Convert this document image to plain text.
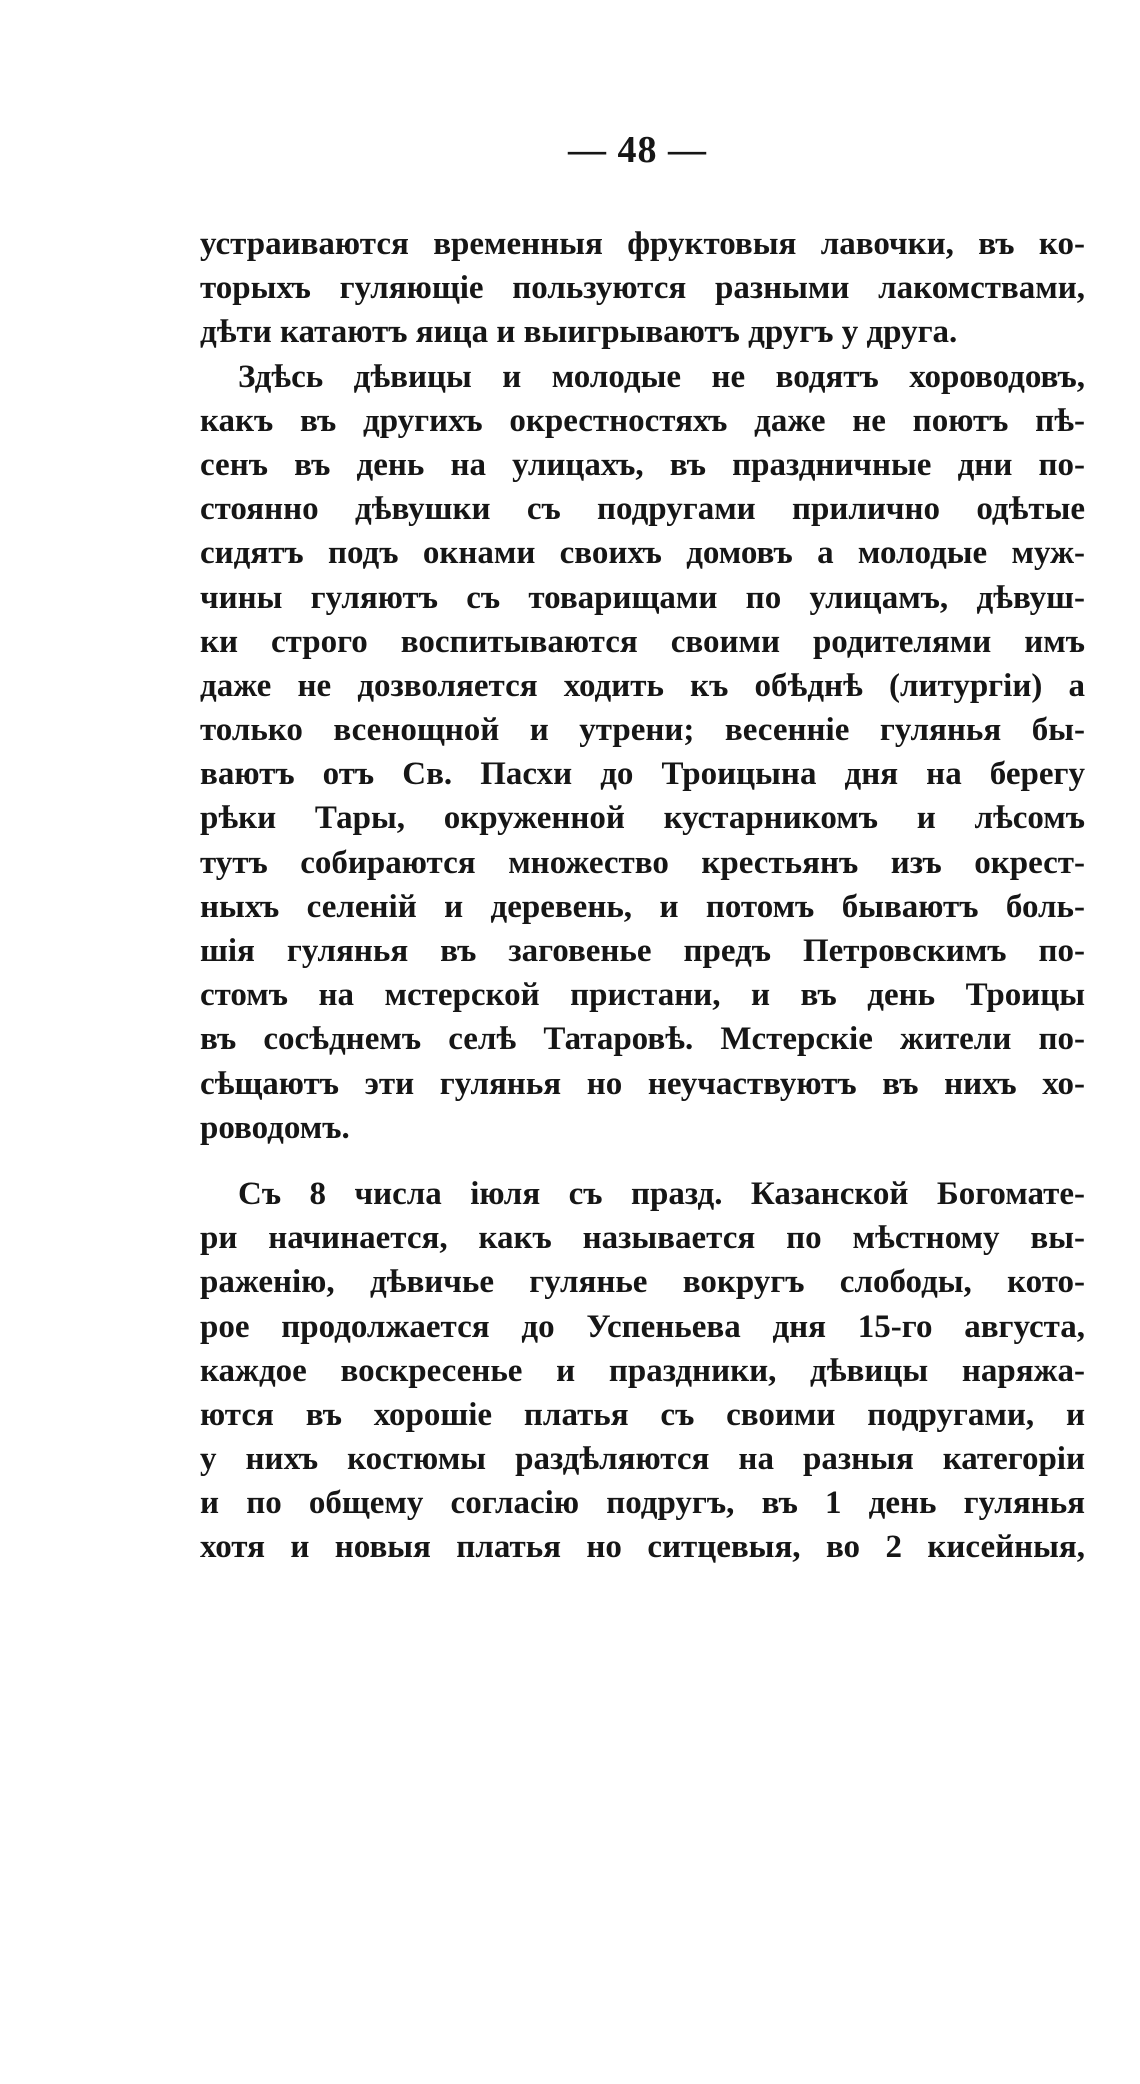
— 48 —
устраиваются временныя фруктовыя лавочки, въ ко-
торыхъ гуляющіе пользуются разными лакомствами,
дѣти катаютъ яица и выигрываютъ другъ у друга.
Здѣсь дѣвицы и молодые не водятъ хороводовъ,
какъ въ другихъ окрестностяхъ даже не поютъ пѣ-
сенъ въ день на улицахъ, въ праздничные дни по-
стоянно дѣвушки съ подругами прилично одѣтые
сидятъ подъ окнами своихъ домовъ а молодые муж-
чины гуляютъ съ товарищами по улицамъ, дѣвуш-
ки строго воспитываются своими родителями имъ
даже не дозволяется ходить къ обѣднѣ (литургіи) а
только всенощной и утрени; весенніе гулянья бы-
ваютъ отъ Св. Пасхи до Троицына дня на берегу
рѣки Тары, окруженной кустарникомъ и лѣсомъ
тутъ собираются множество крестьянъ изъ окрест-
ныхъ селеній и деревень, и потомъ бываютъ боль-
шія гулянья въ заговенье предъ Петровскимъ по-
стомъ на мстерской пристани, и въ день Троицы
въ сосѣднемъ селѣ Татаровѣ. Мстерскіе жители по-
сѣщаютъ эти гулянья но неучаствуютъ въ нихъ хо-
роводомъ.
Съ 8 числа іюля съ празд. Казанской Богомате-
ри начинается, какъ называется по мѣстному вы-
раженію, дѣвичье гулянье вокругъ слободы, кото-
рое продолжается до Успеньева дня 15-го августа,
каждое воскресенье и праздники, дѣвицы наряжа-
ются въ хорошіе платья съ своими подругами, и
у нихъ костюмы раздѣляются на разныя категоріи
и по общему согласію подругъ, въ 1 день гулянья
хотя и новыя платья но ситцевыя, во 2 кисейныя,
